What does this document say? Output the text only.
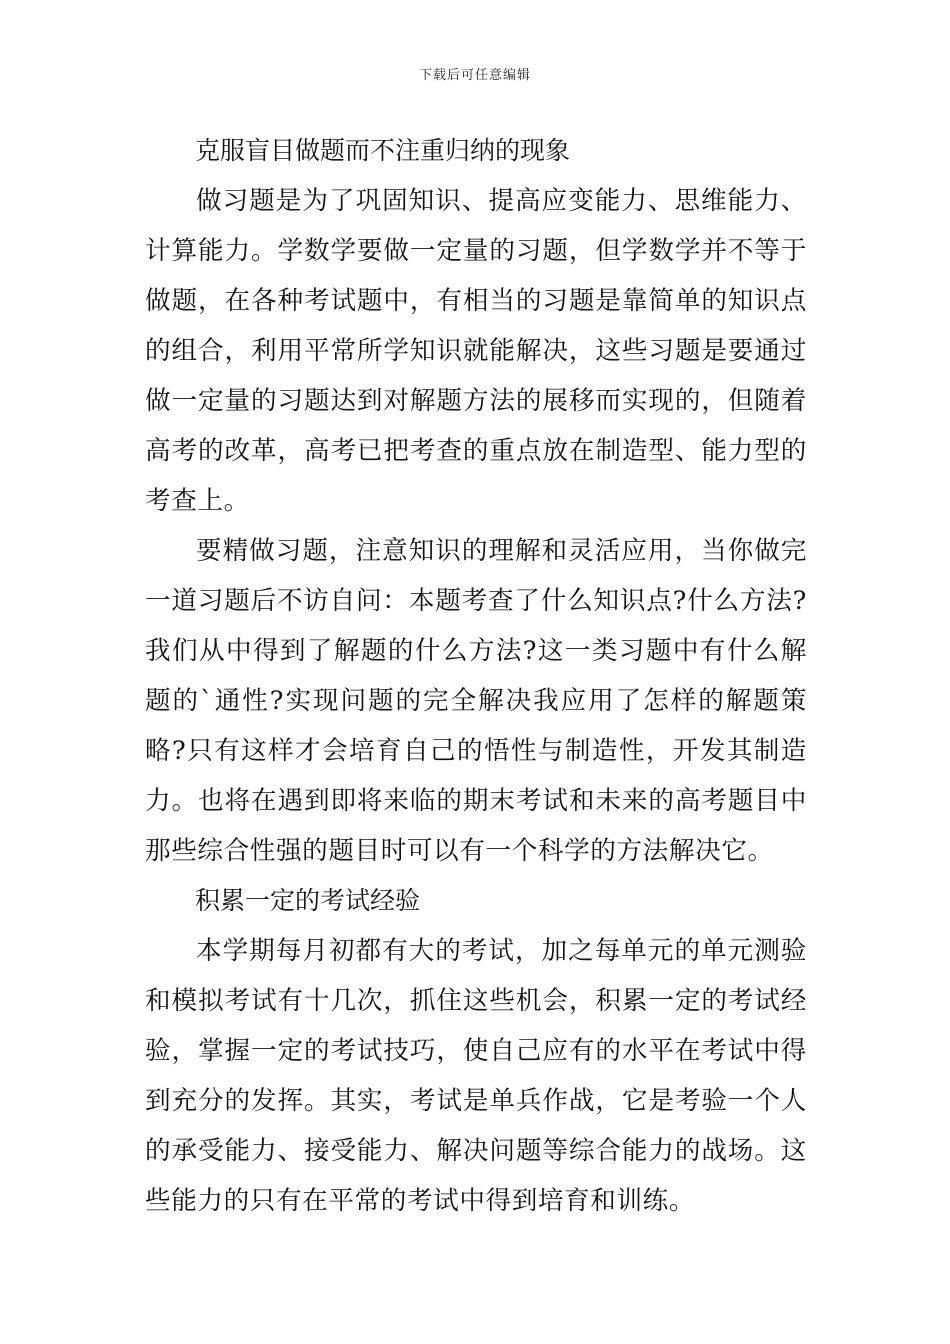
下载后可任意编辑

克服盲目做题而不注重归纳的现象

做习题是为了巩固知识、提高应变能力、思维能力、计算能力。学数学要做一定量的习题，但学数学并不等于做题，在各种考试题中，有相当的习题是靠简单的知识点的组合，利用平常所学知识就能解决，这些习题是要通过做一定量的习题达到对解题方法的展移而实现的，但随着高考的改革，高考已把考查的重点放在制造型、能力型的考查上。

要精做习题，注意知识的理解和灵活应用，当你做完一道习题后不访自问：本题考查了什么知识点?什么方法?我们从中得到了解题的什么方法?这一类习题中有什么解题的`通性?实现问题的完全解决我应用了怎样的解题策略?只有这样才会培育自己的悟性与制造性，开发其制造力。也将在遇到即将来临的期末考试和未来的高考题目中那些综合性强的题目时可以有一个科学的方法解决它。

积累一定的考试经验

本学期每月初都有大的考试，加之每单元的单元测验和模拟考试有十几次，抓住这些机会，积累一定的考试经验，掌握一定的考试技巧，使自己应有的水平在考试中得到充分的发挥。其实，考试是单兵作战，它是考验一个人的承受能力、接受能力、解决问题等综合能力的战场。这些能力的只有在平常的考试中得到培育和训练。
